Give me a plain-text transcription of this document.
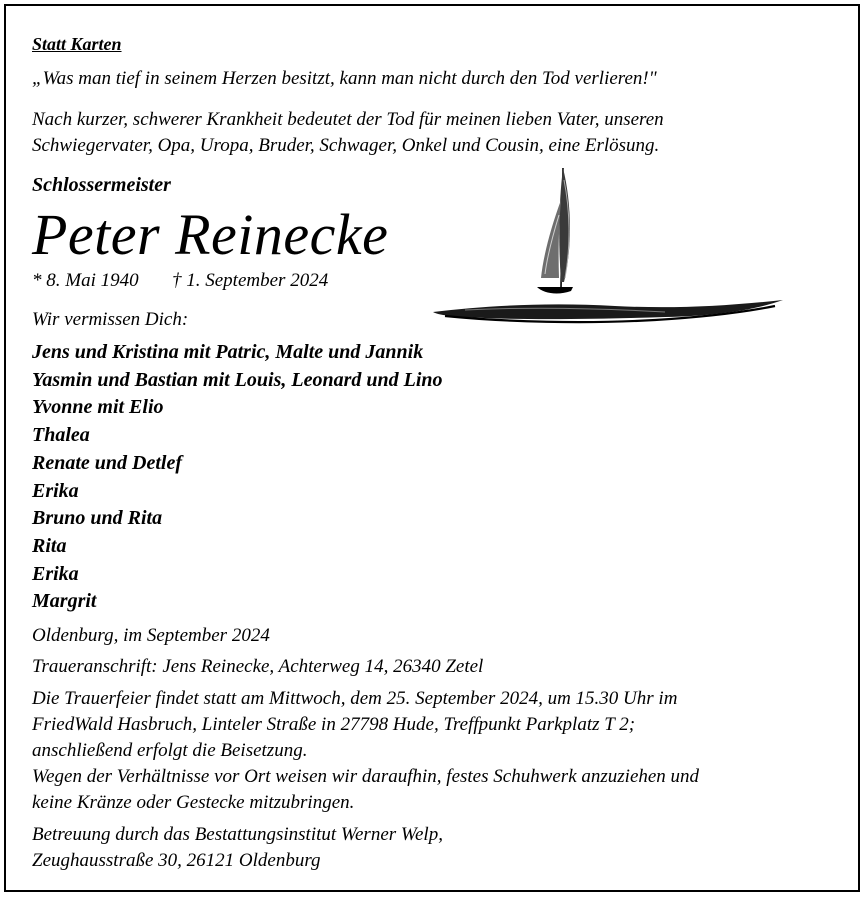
Statt Karten

„Was man tief in seinem Herzen besitzt, kann man nicht durch den Tod verlieren!"

Nach kurzer, schwerer Krankheit bedeutet der Tod für meinen lieben Vater, unseren

Schwiegervater, Opa, Uropa, Bruder, Schwager, Onkel und Cousin, eine Erlösung.

Schlossermeister

Peter Reinecke

* 8. Mai 1940 † 1. September 2024

Wir vermissen Dich:

Jens und Kristina mit Patric, Malte und Jannik

Yasmin und Bastian mit Louis, Leonard und Lino

Yvonne mit Elio

Thalea

Renate und Detlef

Erika

Bruno und Rita

Rita

Erika

Margrit

Oldenburg, im September 2024

Traueranschrift: Jens Reinecke, Achterweg 14, 26340 Zetel

Die Trauerfeier findet statt am Mittwoch, dem 25. September 2024, um 15.30 Uhr im

FriedWald Hasbruch, Linteler Straße in 27798 Hude, Treffpunkt Parkplatz T 2;

anschließend erfolgt die Beisetzung.

Wegen der Verhältnisse vor Ort weisen wir daraufhin, festes Schuhwerk anzuziehen und

keine Kränze oder Gestecke mitzubringen.

Betreuung durch das Bestattungsinstitut Werner Welp,

Zeughausstraße 30, 26121 Oldenburg
